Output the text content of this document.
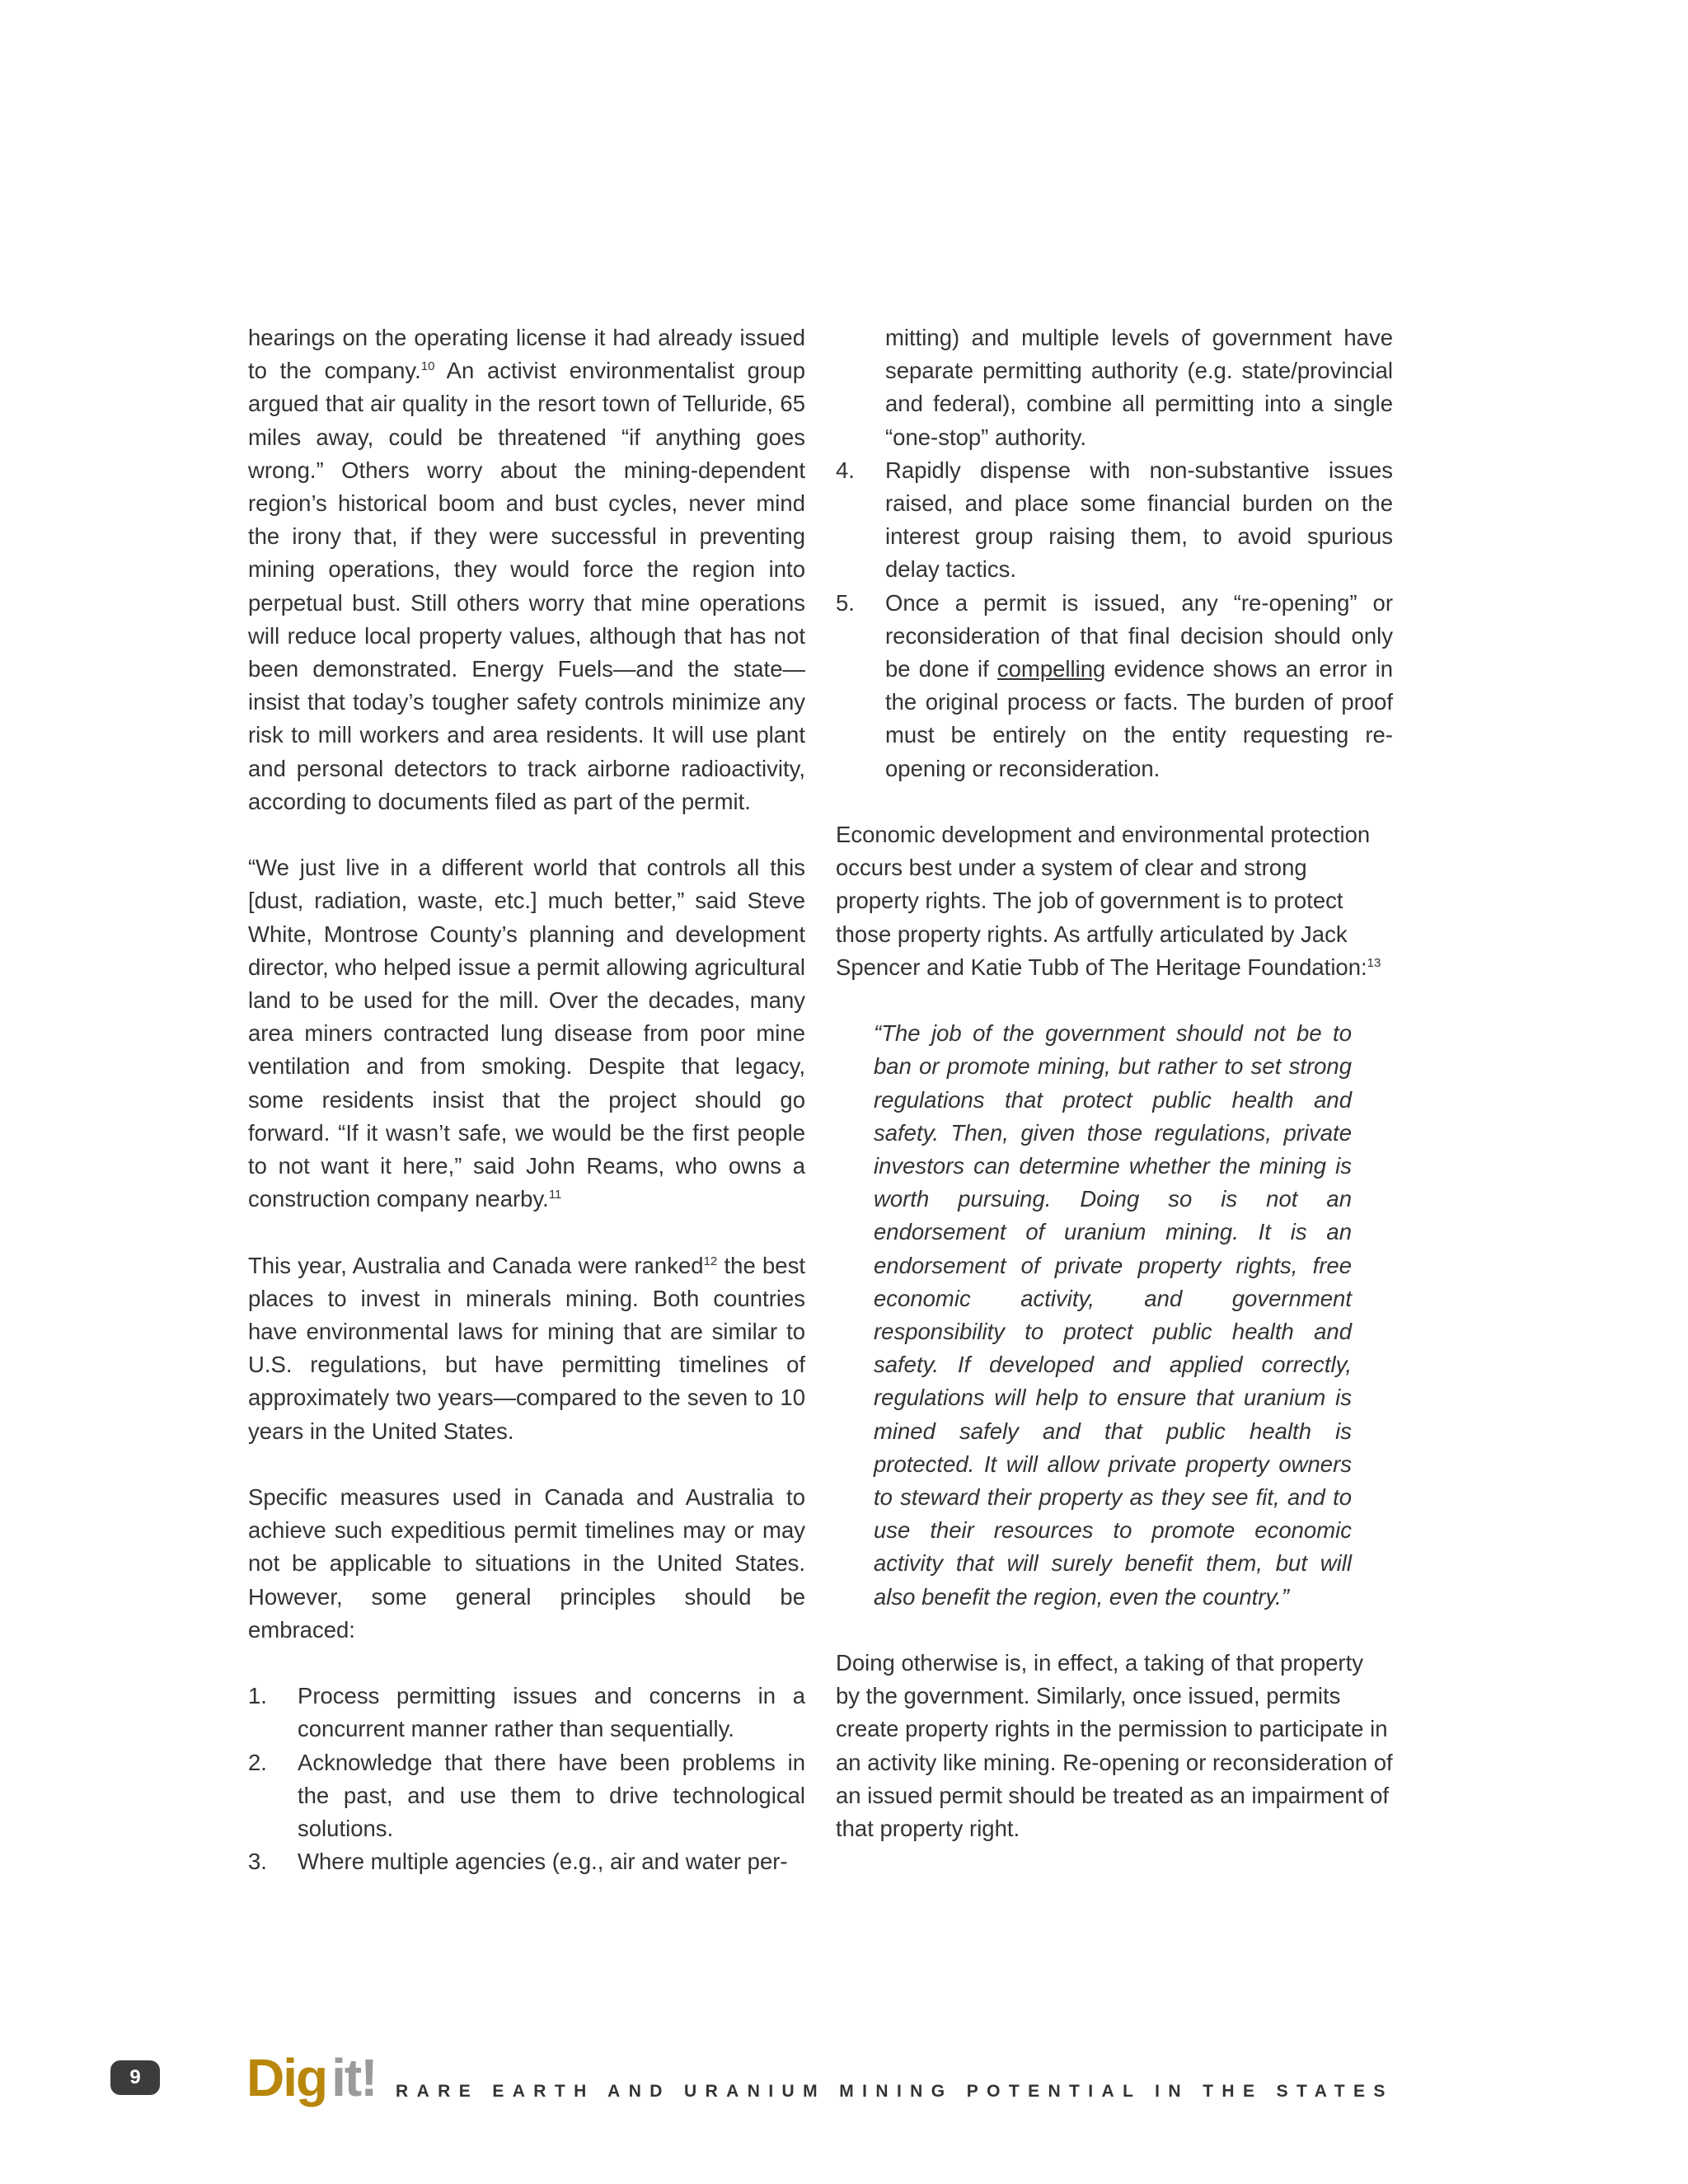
hearings on the operating license it had already issued to the company.$^{10}$ An activist environmentalist group argued that air quality in the resort town of Telluride, 65 miles away, could be threatened “if anything goes wrong.” Others worry about the mining-dependent region’s historical boom and bust cycles, never mind the irony that, if they were successful in preventing mining operations, they would force the region into perpetual bust. Still others worry that mine operations will reduce local property values, although that has not been demonstrated. Energy Fuels—and the state—insist that today’s tougher safety controls minimize any risk to mill workers and area residents. It will use plant and personal detectors to track airborne radioactivity, according to documents filed as part of the permit.

“We just live in a different world that controls all this [dust, radiation, waste, etc.] much better,” said Steve White, Montrose County’s planning and development director, who helped issue a permit allowing agricultural land to be used for the mill. Over the decades, many area miners contracted lung disease from poor mine ventilation and from smoking. Despite that legacy, some residents insist that the project should go forward. “If it wasn’t safe, we would be the first people to not want it here,” said John Reams, who owns a construction company nearby.$^{11}$

This year, Australia and Canada were ranked$^{12}$ the best places to invest in minerals mining. Both countries have environmental laws for mining that are similar to U.S. regulations, but have permitting timelines of approximately two years—compared to the seven to 10 years in the United States.

Specific measures used in Canada and Australia to achieve such expeditious permit timelines may or may not be applicable to situations in the United States. However, some general principles should be embraced:

1. Process permitting issues and concerns in a concurrent manner rather than sequentially.
2. Acknowledge that there have been problems in the past, and use them to drive technological solutions.
3. Where multiple agencies (e.g., air and water per-
mitting) and multiple levels of government have separate permitting authority (e.g. state/provincial and federal), combine all permitting into a single “one-stop” authority.
4. Rapidly dispense with non-substantive issues raised, and place some financial burden on the interest group raising them, to avoid spurious delay tactics.
5. Once a permit is issued, any “re-opening” or reconsideration of that final decision should only be done if compelling evidence shows an error in the original process or facts. The burden of proof must be entirely on the entity requesting re-opening or reconsideration.

Economic development and environmental protection occurs best under a system of clear and strong property rights. The job of government is to protect those property rights. As artfully articulated by Jack Spencer and Katie Tubb of The Heritage Foundation:$^{13}$

“The job of the government should not be to ban or promote mining, but rather to set strong regulations that protect public health and safety. Then, given those regulations, private investors can determine whether the mining is worth pursuing. Doing so is not an endorsement of uranium mining. It is an endorsement of private property rights, free economic activity, and government responsibility to protect public health and safety. If developed and applied correctly, regulations will help to ensure that uranium is mined safely and that public health is protected. It will allow private property owners to steward their property as they see fit, and to use their resources to promote economic activity that will surely benefit them, but will also benefit the region, even the country.”

Doing otherwise is, in effect, a taking of that property by the government. Similarly, once issued, permits create property rights in the permission to participate in an activity like mining. Re-opening or reconsideration of an issued permit should be treated as an impairment of that property right.

9	Digit! RARE EARTH AND URANIUM MINING POTENTIAL IN THE STATES
